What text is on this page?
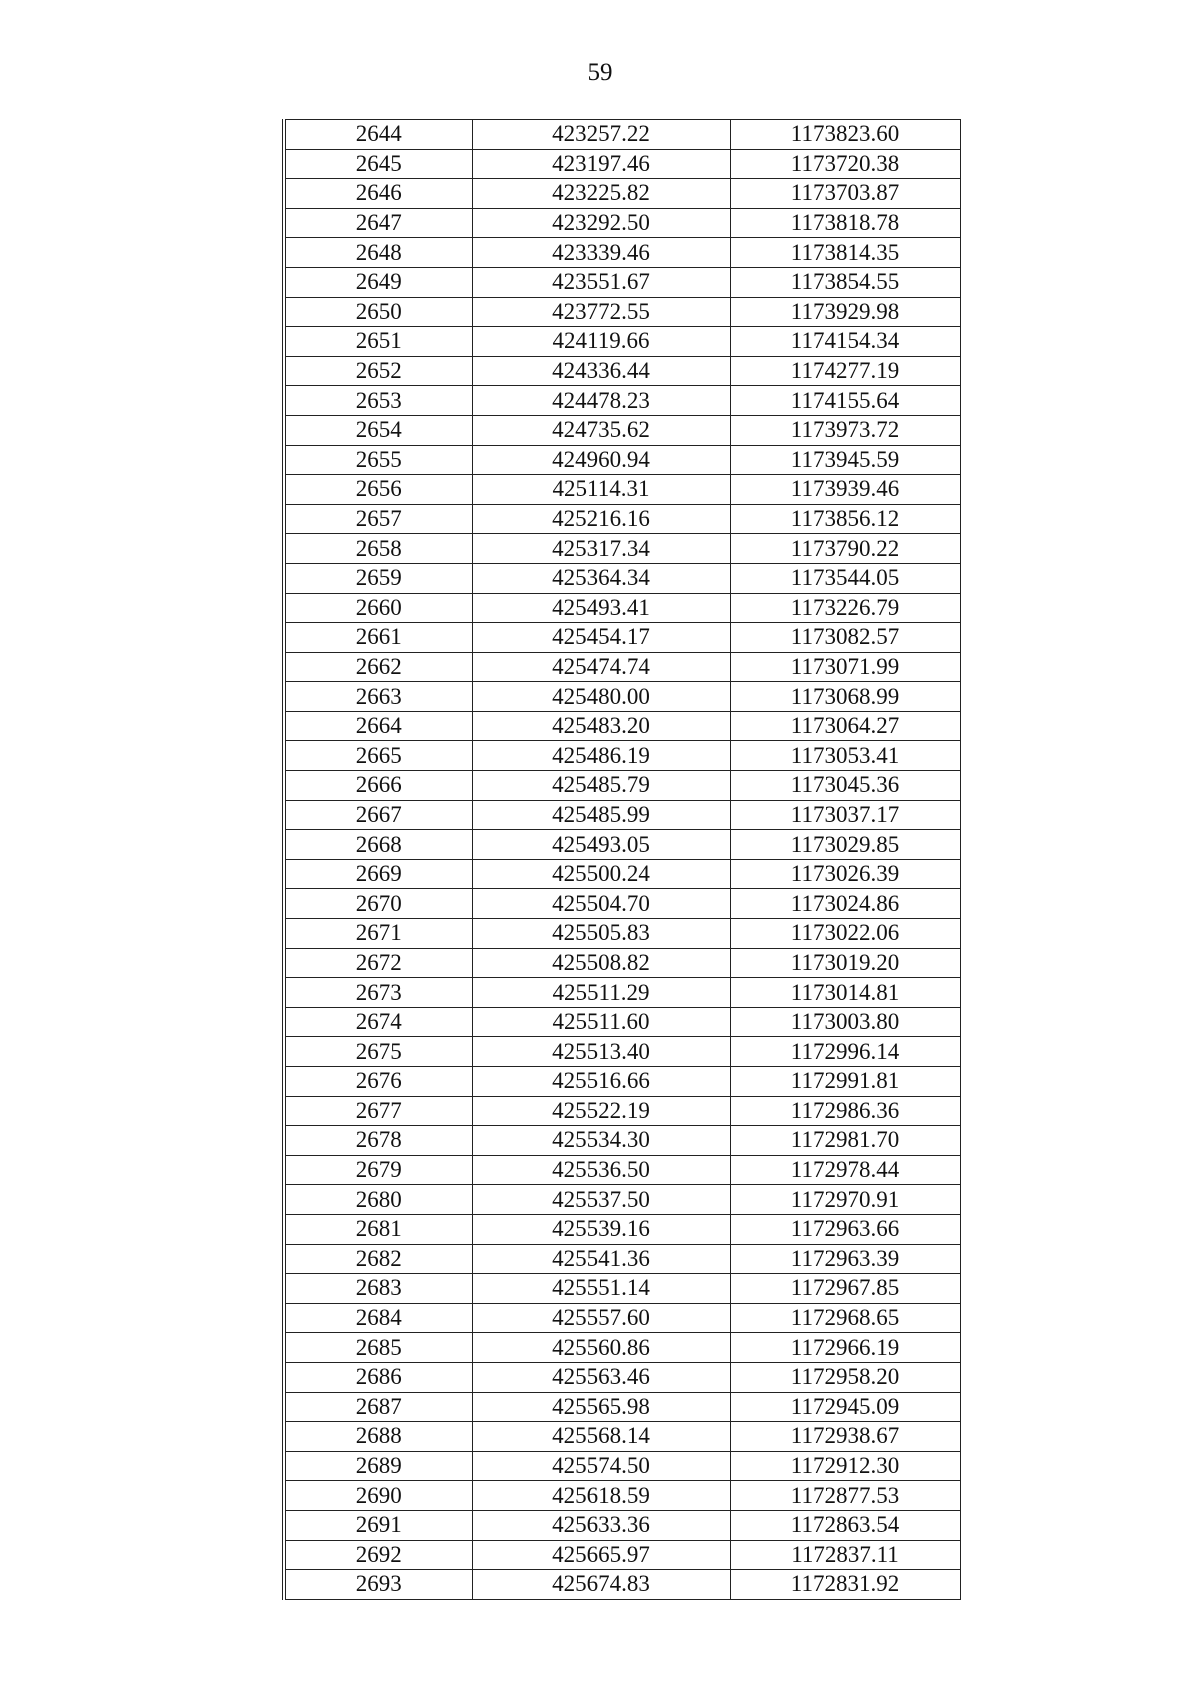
59
2644	423257.22	1173823.60
2645	423197.46	1173720.38
2646	423225.82	1173703.87
2647	423292.50	1173818.78
2648	423339.46	1173814.35
2649	423551.67	1173854.55
2650	423772.55	1173929.98
2651	424119.66	1174154.34
2652	424336.44	1174277.19
2653	424478.23	1174155.64
2654	424735.62	1173973.72
2655	424960.94	1173945.59
2656	425114.31	1173939.46
2657	425216.16	1173856.12
2658	425317.34	1173790.22
2659	425364.34	1173544.05
2660	425493.41	1173226.79
2661	425454.17	1173082.57
2662	425474.74	1173071.99
2663	425480.00	1173068.99
2664	425483.20	1173064.27
2665	425486.19	1173053.41
2666	425485.79	1173045.36
2667	425485.99	1173037.17
2668	425493.05	1173029.85
2669	425500.24	1173026.39
2670	425504.70	1173024.86
2671	425505.83	1173022.06
2672	425508.82	1173019.20
2673	425511.29	1173014.81
2674	425511.60	1173003.80
2675	425513.40	1172996.14
2676	425516.66	1172991.81
2677	425522.19	1172986.36
2678	425534.30	1172981.70
2679	425536.50	1172978.44
2680	425537.50	1172970.91
2681	425539.16	1172963.66
2682	425541.36	1172963.39
2683	425551.14	1172967.85
2684	425557.60	1172968.65
2685	425560.86	1172966.19
2686	425563.46	1172958.20
2687	425565.98	1172945.09
2688	425568.14	1172938.67
2689	425574.50	1172912.30
2690	425618.59	1172877.53
2691	425633.36	1172863.54
2692	425665.97	1172837.11
2693	425674.83	1172831.92
